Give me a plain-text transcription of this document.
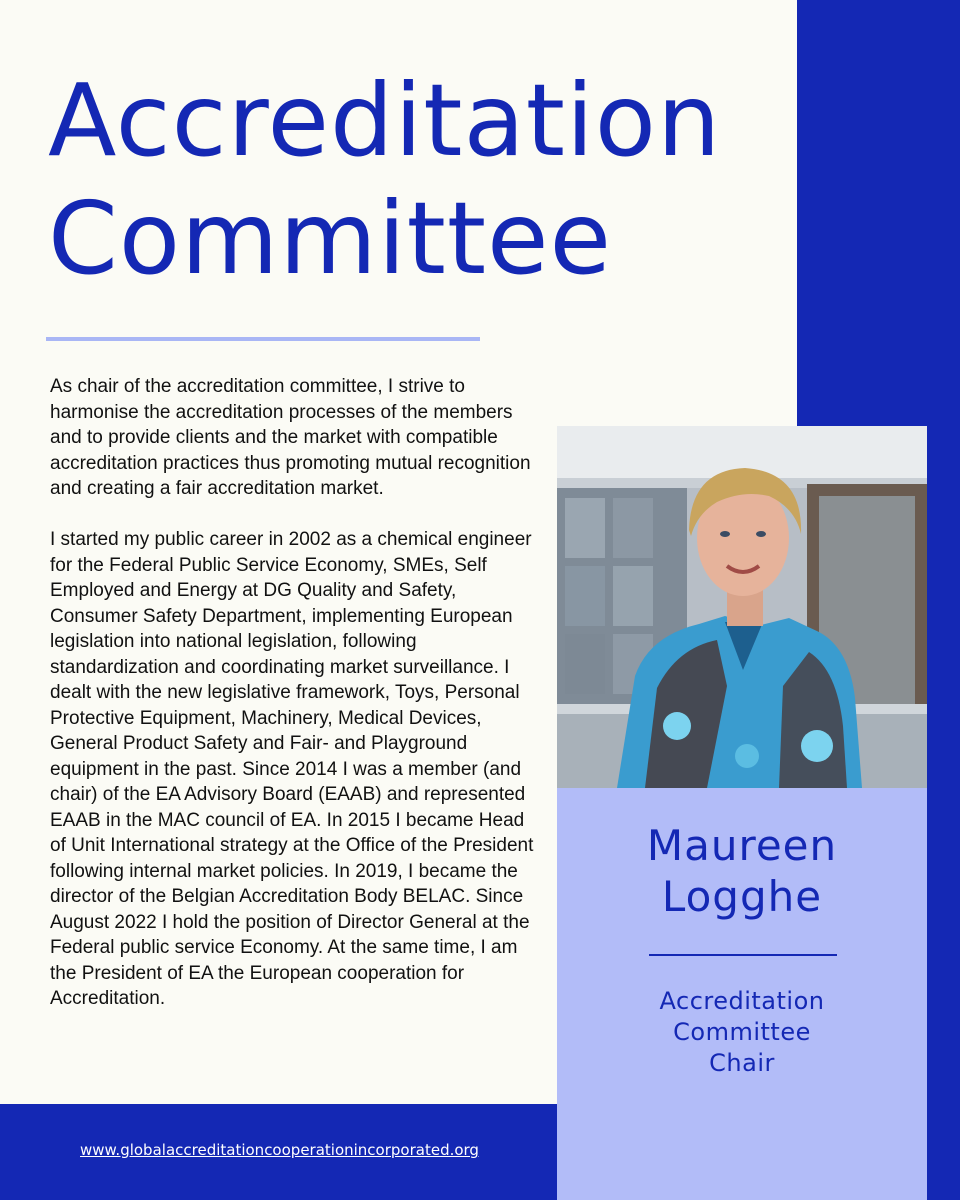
Accreditation
Committee

As chair of the accreditation committee, I strive to harmonise the accreditation processes of the members and to provide clients and the market with compatible accreditation practices thus promoting mutual recognition and creating a fair accreditation market.

I started my public career in 2002 as a chemical engineer for the Federal Public Service Economy, SMEs, Self Employed and Energy at DG Quality and Safety, Consumer Safety Department, implementing European legislation into national legislation, following standardization and coordinating market surveillance. I dealt with the new legislative framework, Toys, Personal Protective Equipment, Machinery, Medical Devices, General Product Safety and Fair- and Playground equipment in the past. Since 2014 I was a member (and chair) of the EA Advisory Board (EAAB) and represented EAAB in the MAC council of EA. In 2015 I became Head of Unit International strategy at the Office of the President following internal market policies. In 2019, I became the director of the Belgian Accreditation Body BELAC. Since August 2022 I hold the position of Director General at the Federal public service Economy. At the same time, I am the President of EA the European cooperation for Accreditation.

Maureen
Logghe
Accreditation
Committee
Chair
www.globalaccreditationcooperationincorporated.org
